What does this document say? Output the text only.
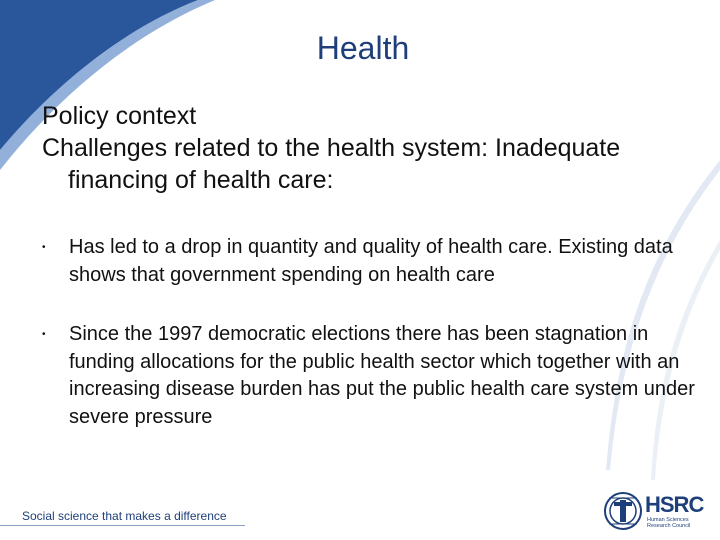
Health
Policy context
Challenges related to the health system: Inadequate
financing of health care:
•	Has led to a drop in quantity and quality of health care. Existing data shows that government spending on health care
•	Since the 1997 democratic elections there has been stagnation in funding allocations for the public health sector which together with an increasing disease burden has put the public health care system under severe pressure
Social science that makes a difference	HSRC
Human Sciences Research Council
